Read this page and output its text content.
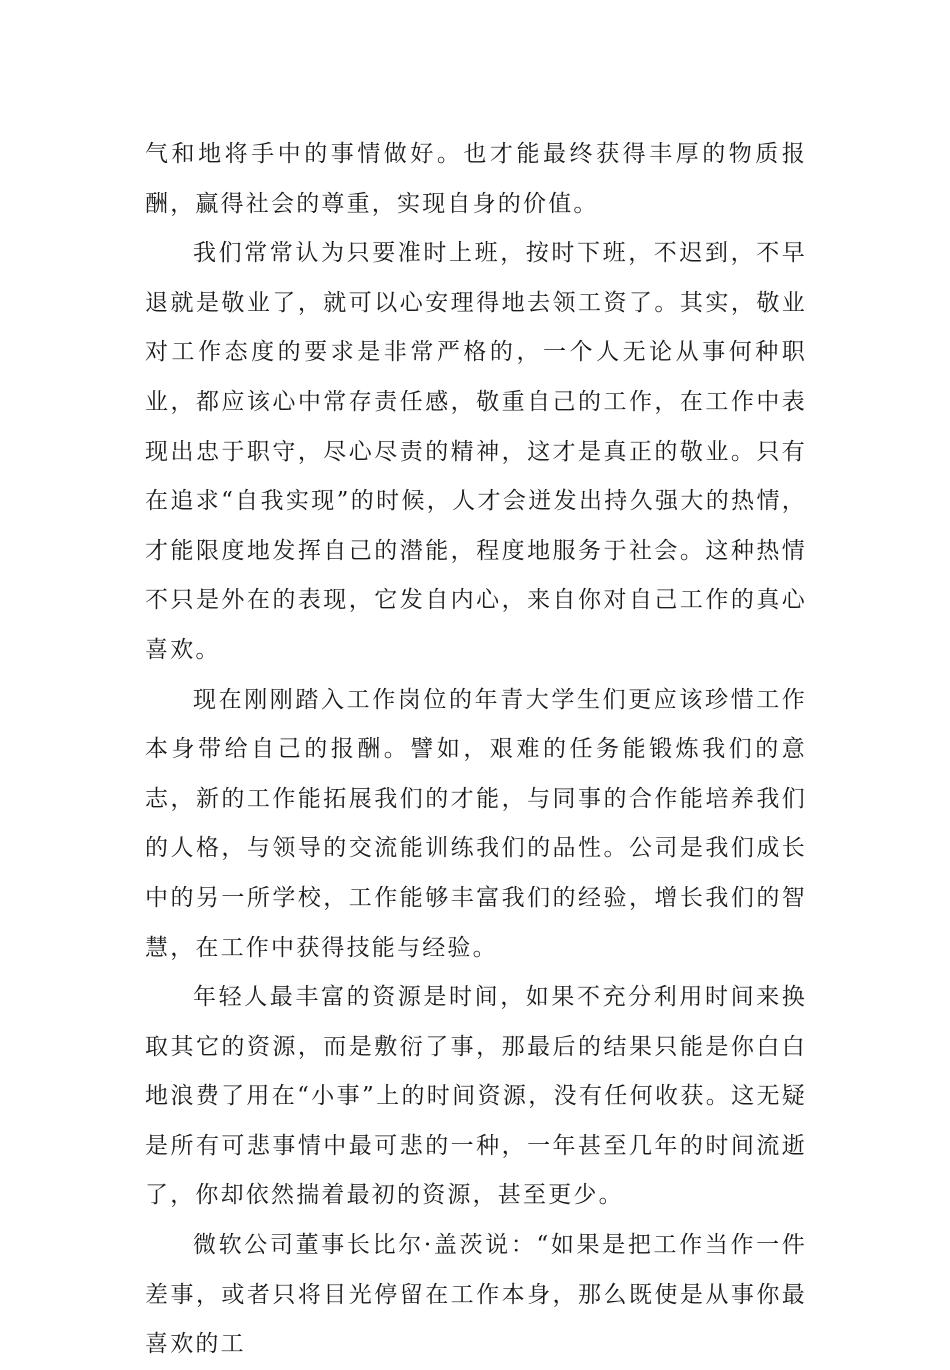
气和地将手中的事情做好。也才能最终获得丰厚的物质报酬，赢得社会的尊重，实现自身的价值。

我们常常认为只要准时上班，按时下班，不迟到，不早退就是敬业了，就可以心安理得地去领工资了。其实，敬业对工作态度的要求是非常严格的，一个人无论从事何种职业，都应该心中常存责任感，敬重自己的工作，在工作中表现出忠于职守，尽心尽责的精神，这才是真正的敬业。只有在追求“自我实现”的时候，人才会迸发出持久强大的热情，才能限度地发挥自己的潜能，程度地服务于社会。这种热情不只是外在的表现，它发自内心，来自你对自己工作的真心喜欢。

现在刚刚踏入工作岗位的年青大学生们更应该珍惜工作本身带给自己的报酬。譬如，艰难的任务能锻炼我们的意志，新的工作能拓展我们的才能，与同事的合作能培养我们的人格，与领导的交流能训练我们的品性。公司是我们成长中的另一所学校，工作能够丰富我们的经验，增长我们的智慧，在工作中获得技能与经验。

年轻人最丰富的资源是时间，如果不充分利用时间来换取其它的资源，而是敷衍了事，那最后的结果只能是你白白地浪费了用在“小事”上的时间资源，没有任何收获。这无疑是所有可悲事情中最可悲的一种，一年甚至几年的时间流逝了，你却依然揣着最初的资源，甚至更少。

微软公司董事长比尔·盖茨说：“如果是把工作当作一件差事，或者只将目光停留在工作本身，那么既使是从事你最喜欢的工
